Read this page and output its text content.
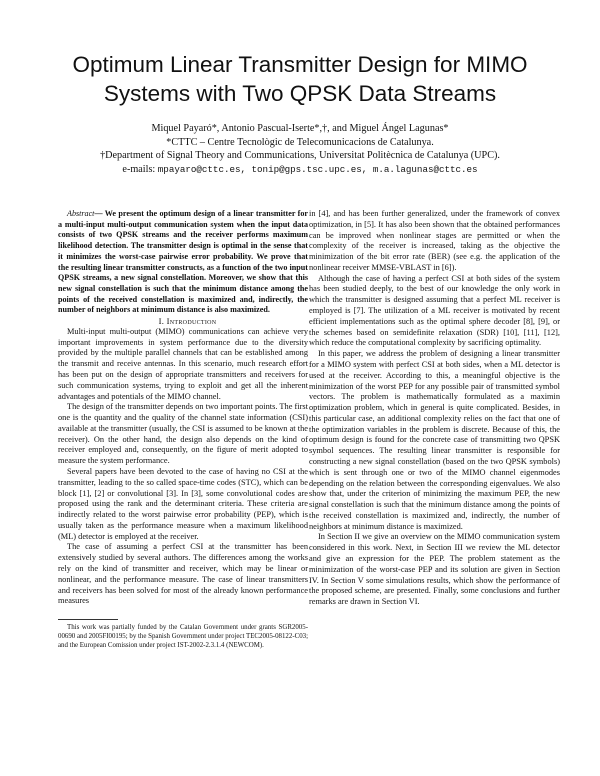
Optimum Linear Transmitter Design for MIMO
Systems with Two QPSK Data Streams
Miquel Payaró*, Antonio Pascual-Iserte*,†, and Miguel Ángel Lagunas*
*CTTC – Centre Tecnològic de Telecomunicacions de Catalunya.
†Department of Signal Theory and Communications, Universitat Politècnica de Catalunya (UPC).
e-mails: mpayaro@cttc.es, tonip@gps.tsc.upc.es, m.a.lagunas@cttc.es

Abstract— We present the optimum design of a linear transmitter for a multi-input multi-output communication system when the input data consists of two QPSK streams and the receiver performs maximum likelihood detection. The transmitter design is optimal in the sense that it minimizes the worst-case pairwise error probability. We prove that the resulting linear transmitter constructs, as a function of the two input QPSK streams, a new signal constellation. Moreover, we show that this new signal constellation is such that the minimum distance among the points of the received constellation is maximized and, indirectly, the number of neighbors at minimum distance is also maximized.

I. Introduction

Multi-input multi-output (MIMO) communications can achieve very important improvements in system performance due to the diversity provided by the multiple parallel channels that can be established among the transmit and receive antennas. In this scenario, much research effort has been put on the design of appropriate transmitters and receivers for such communication systems, trying to exploit and get all the inherent advantages and potentials of the MIMO channel.

The design of the transmitter depends on two important points. The first one is the quantity and the quality of the channel state information (CSI) available at the transmitter (usually, the CSI is assumed to be known at the receiver). On the other hand, the design also depends on the kind of receiver employed and, consequently, on the figure of merit adopted to measure the system performance.

Several papers have been devoted to the case of having no CSI at the transmitter, leading to the so called space-time codes (STC), which can be block [1], [2] or convolutional [3]. In [3], some convolutional codes are proposed using the rank and the determinant criteria. These criteria are indirectly related to the worst pairwise error probability (PEP), which is usually taken as the performance measure when a maximum likelihood (ML) detector is employed at the receiver.

The case of assuming a perfect CSI at the transmitter has been extensively studied by several authors. The differences among the works rely on the kind of transmitter and receiver, which may be linear or nonlinear, and the performance measure. The case of linear transmitters and receivers has been solved for most of the already known performance measures

This work was partially funded by the Catalan Government under grants SGR2005-00690 and 2005FI00195; by the Spanish Government under project TEC2005-08122-C03; and the European Comission under project IST-2002-2.3.1.4 (NEWCOM).

in [4], and has been further generalized, under the framework of convex optimization, in [5]. It has also been shown that the obtained performances can be improved when nonlinear stages are permitted or when the complexity of the receiver is increased, taking as the objective the minimization of the bit error rate (BER) (see e.g. the application of the nonlinear receiver MMSE-VBLAST in [6]).

Although the case of having a perfect CSI at both sides of the system has been studied deeply, to the best of our knowledge the only work in which the transmitter is designed assuming that a perfect ML receiver is employed is [7]. The utilization of a ML receiver is motivated by recent efficient implementations such as the optimal sphere decoder [8], [9], or the schemes based on semidefinite relaxation (SDR) [10], [11], [12], which reduce the computational complexity by sacrificing optimality.

In this paper, we address the problem of designing a linear transmitter for a MIMO system with perfect CSI at both sides, when a ML detector is used at the receiver. According to this, a meaningful objective is the minimization of the worst PEP for any possible pair of transmitted symbol vectors. The problem is mathematically formulated as a maximin optimization problem, which in general is quite complicated. Besides, in this particular case, an additional complexity relies on the fact that one of the optimization variables in the problem is discrete. Because of this, the optimum design is found for the concrete case of transmitting two QPSK symbol sequences. The resulting linear transmitter is responsible for constructing a new signal constellation (based on the two QPSK symbols) which is sent through one or two of the MIMO channel eigenmodes depending on the relation between the corresponding eigenvalues. We also show that, under the criterion of minimizing the maximum PEP, the new signal constellation is such that the minimum distance among the points of the received constellation is maximized and, indirectly, the number of neighbors at minimum distance is maximized.

In Section II we give an overview on the MIMO communication system considered in this work. Next, in Section III we review the ML detector and give an expression for the PEP. The problem statement as the minimization of the worst-case PEP and its solution are given in Section IV. In Section V some simulations results, which show the performance of the proposed scheme, are presented. Finally, some conclusions and further remarks are drawn in Section VI.
